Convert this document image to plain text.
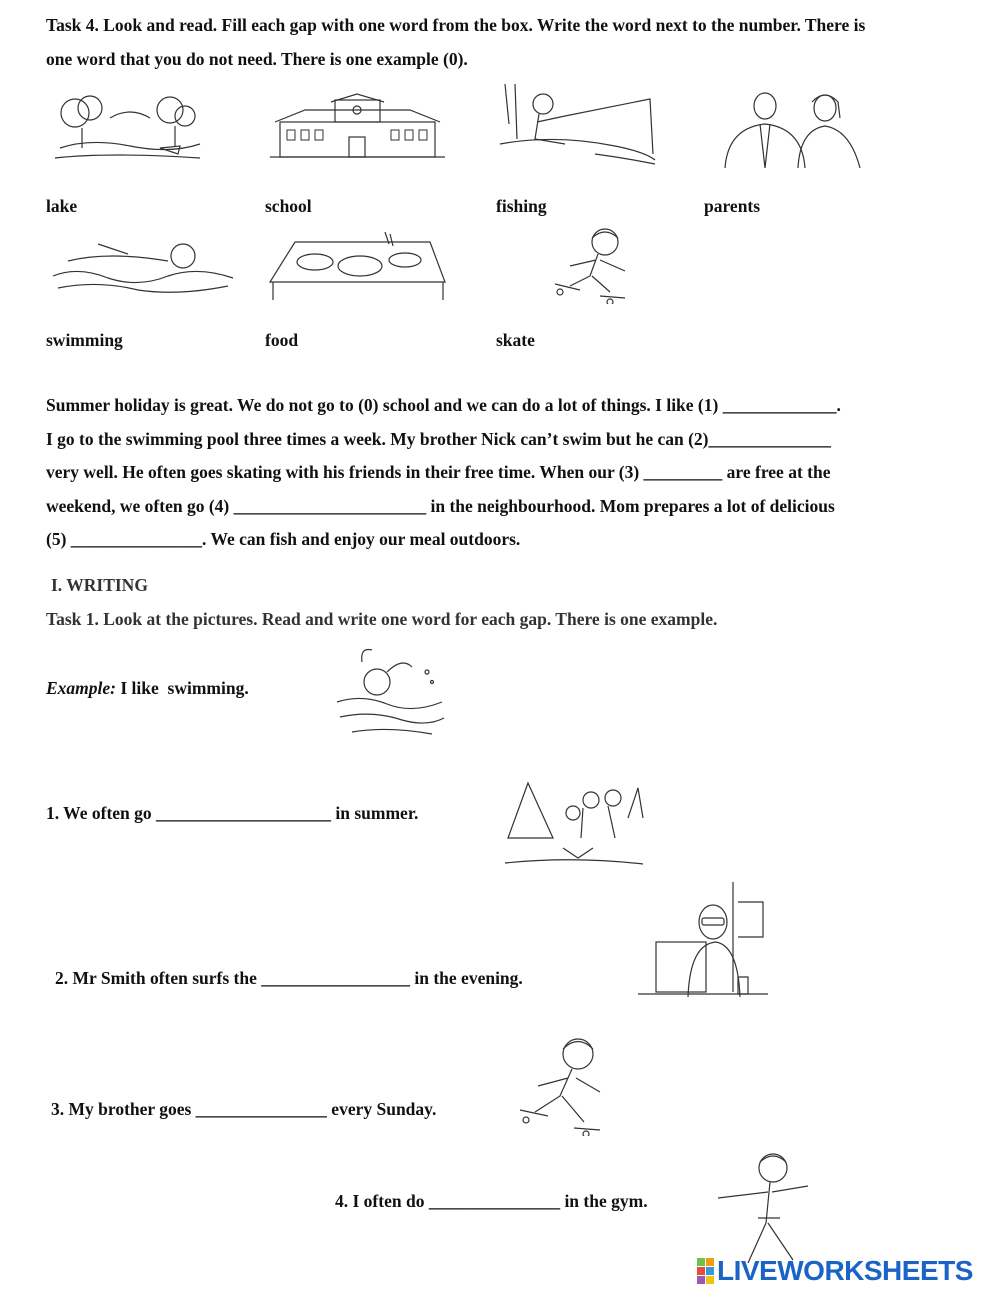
Task 4. Look and read. Fill each gap with one word from the box. Write the word next to the number. There is
one word that you do not need. There is one example (0).
lake	school	fishing	parents
swimming	food	skate
Summer holiday is great. We do not go to (0) school and we can do a lot of things. I like (1) _____________.
I go to the swimming pool three times a week. My brother Nick can’t swim but he can (2)______________
very well. He often goes skating with his friends in their free time. When our (3) _________ are free at the
weekend, we often go (4) ______________________ in the neighbourhood. Mom prepares a lot of delicious
(5) _______________. We can fish and enjoy our meal outdoors.
I. WRITING
Task 1. Look at the pictures. Read and write one word for each gap. There is one example.
Example: I like  swimming.
1. We often go ____________________ in summer.
2. Mr Smith often surfs the _________________ in the evening.
3. My brother goes _______________ every Sunday.
4. I often do _______________ in the gym.
LIVEWORKSHEETS
